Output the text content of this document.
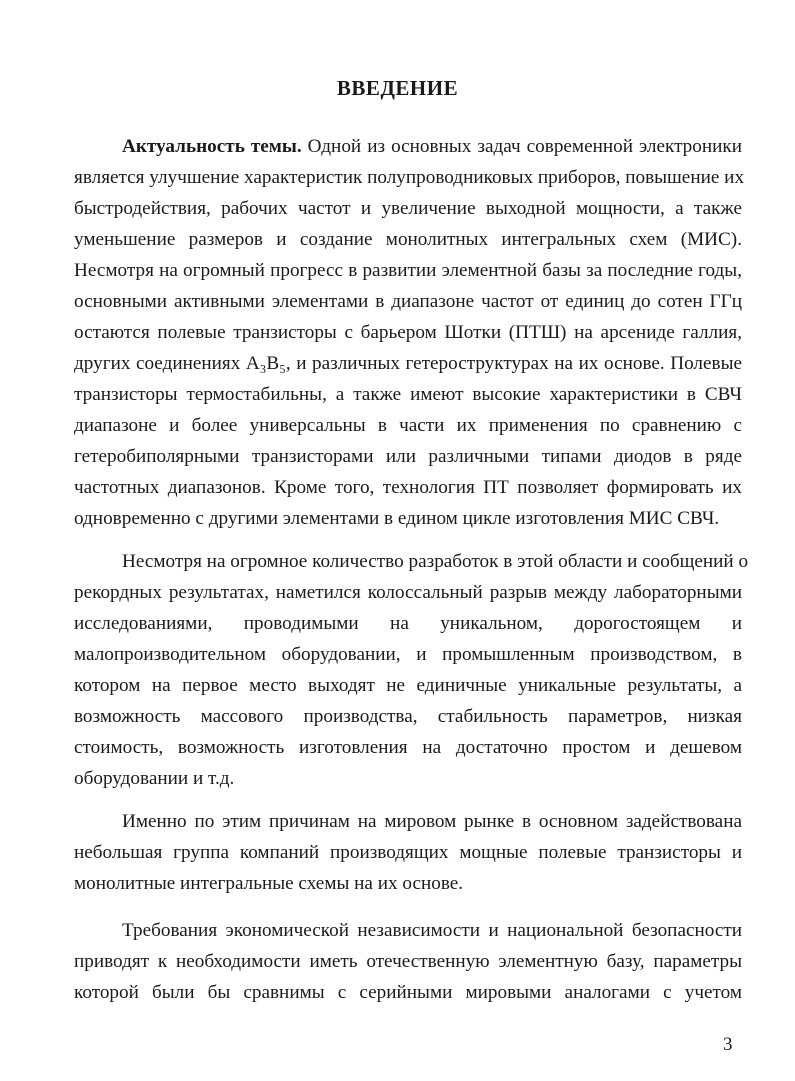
ВВЕДЕНИЕ
Актуальность темы. Одной из основных задач современной электроники
является улучшение характеристик полупроводниковых приборов, повышение их
быстродействия, рабочих частот и увеличение выходной мощности, а также
уменьшение размеров и создание монолитных интегральных схем (МИС).
Несмотря на огромный прогресс в развитии элементной базы за последние годы,
основными активными элементами в диапазоне частот от единиц до сотен ГГц
остаются полевые транзисторы с барьером Шотки (ПТШ) на арсениде галлия,
других соединениях А₃В₅, и различных гетероструктурах на их основе. Полевые
транзисторы термостабильны, а также имеют высокие характеристики в СВЧ
диапазоне и более универсальны в части их применения по сравнению с
гетеробиполярными транзисторами или различными типами диодов в ряде
частотных диапазонов. Кроме того, технология ПТ позволяет формировать их
одновременно с другими элементами в едином цикле изготовления МИС СВЧ.
Несмотря на огромное количество разработок в этой области и сообщений о
рекордных результатах, наметился колоссальный разрыв между лабораторными
исследованиями, проводимыми на уникальном, дорогостоящем и
малопроизводительном оборудовании, и промышленным производством, в
котором на первое место выходят не единичные уникальные результаты, а
возможность массового производства, стабильность параметров, низкая
стоимость, возможность изготовления на достаточно простом и дешевом
оборудовании и т.д.
Именно по этим причинам на мировом рынке в основном задействована
небольшая группа компаний производящих мощные полевые транзисторы и
монолитные интегральные схемы на их основе.
Требования экономической независимости и национальной безопасности
приводят к необходимости иметь отечественную элементную базу, параметры
которой были бы сравнимы с серийными мировыми аналогами с учетом
3
